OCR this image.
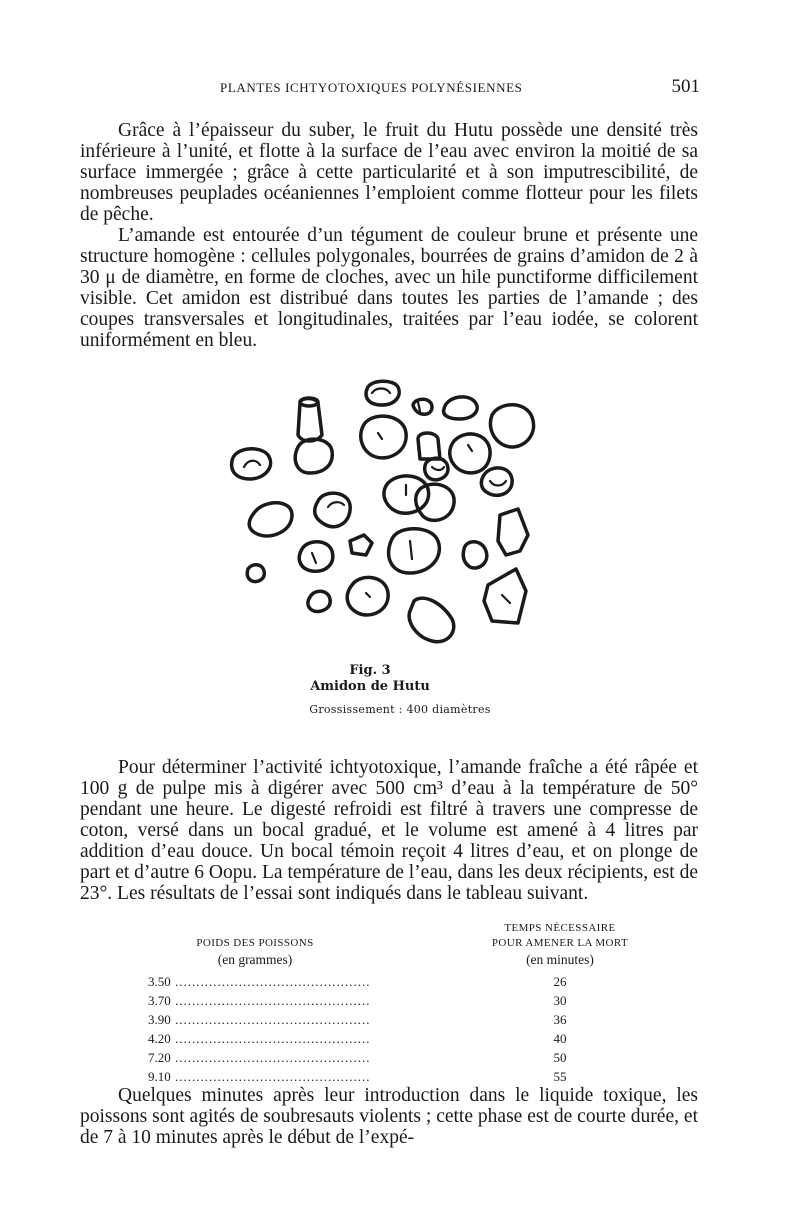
PLANTES ICHTYOTOXIQUES POLYNÉSIENNES	501

Grâce à l’épaisseur du suber, le fruit du Hutu possède une densité très inférieure à l’unité, et flotte à la surface de l’eau avec environ la moitié de sa surface immergée ; grâce à cette particularité et à son imputrescibilité, de nombreuses peuplades océaniennes l’emploient comme flotteur pour les filets de pêche.

L’amande est entourée d’un tégument de couleur brune et présente une structure homogène : cellules polygonales, bourrées de grains d’amidon de 2 à 30 μ de diamètre, en forme de cloches, avec un hile punctiforme difficilement visible. Cet amidon est distribué dans toutes les parties de l’amande ; des coupes transversales et longitudinales, traitées par l’eau iodée, se colorent uniformément en bleu.

Fig. 3
Amidon de Hutu
Grossissement : 400 diamètres

Pour déterminer l’activité ichtyotoxique, l’amande fraîche a été râpée et 100 g de pulpe mis à digérer avec 500 cm³ d’eau à la température de 50° pendant une heure. Le digesté refroidi est filtré à travers une compresse de coton, versé dans un bocal gradué, et le volume est amené à 4 litres par addition d’eau douce. Un bocal témoin reçoit 4 litres d’eau, et on plonge de part et d’autre 6 Oopu. La température de l’eau, dans les deux récipients, est de 23°. Les résultats de l’essai sont indiqués dans le tableau suivant.

POIDS DES POISSONS
(en grammes)
TEMPS NÉCESSAIRE
POUR AMENER LA MORT
(en minutes)
3.50 .....	26
3.70 .....	30
3.90 .....	36
4.20 .....	40
7.20 .....	50
9.10 .....	55

Quelques minutes après leur introduction dans le liquide toxique, les poissons sont agités de soubresauts violents ; cette phase est de courte durée, et de 7 à 10 minutes après le début de l’expé-
